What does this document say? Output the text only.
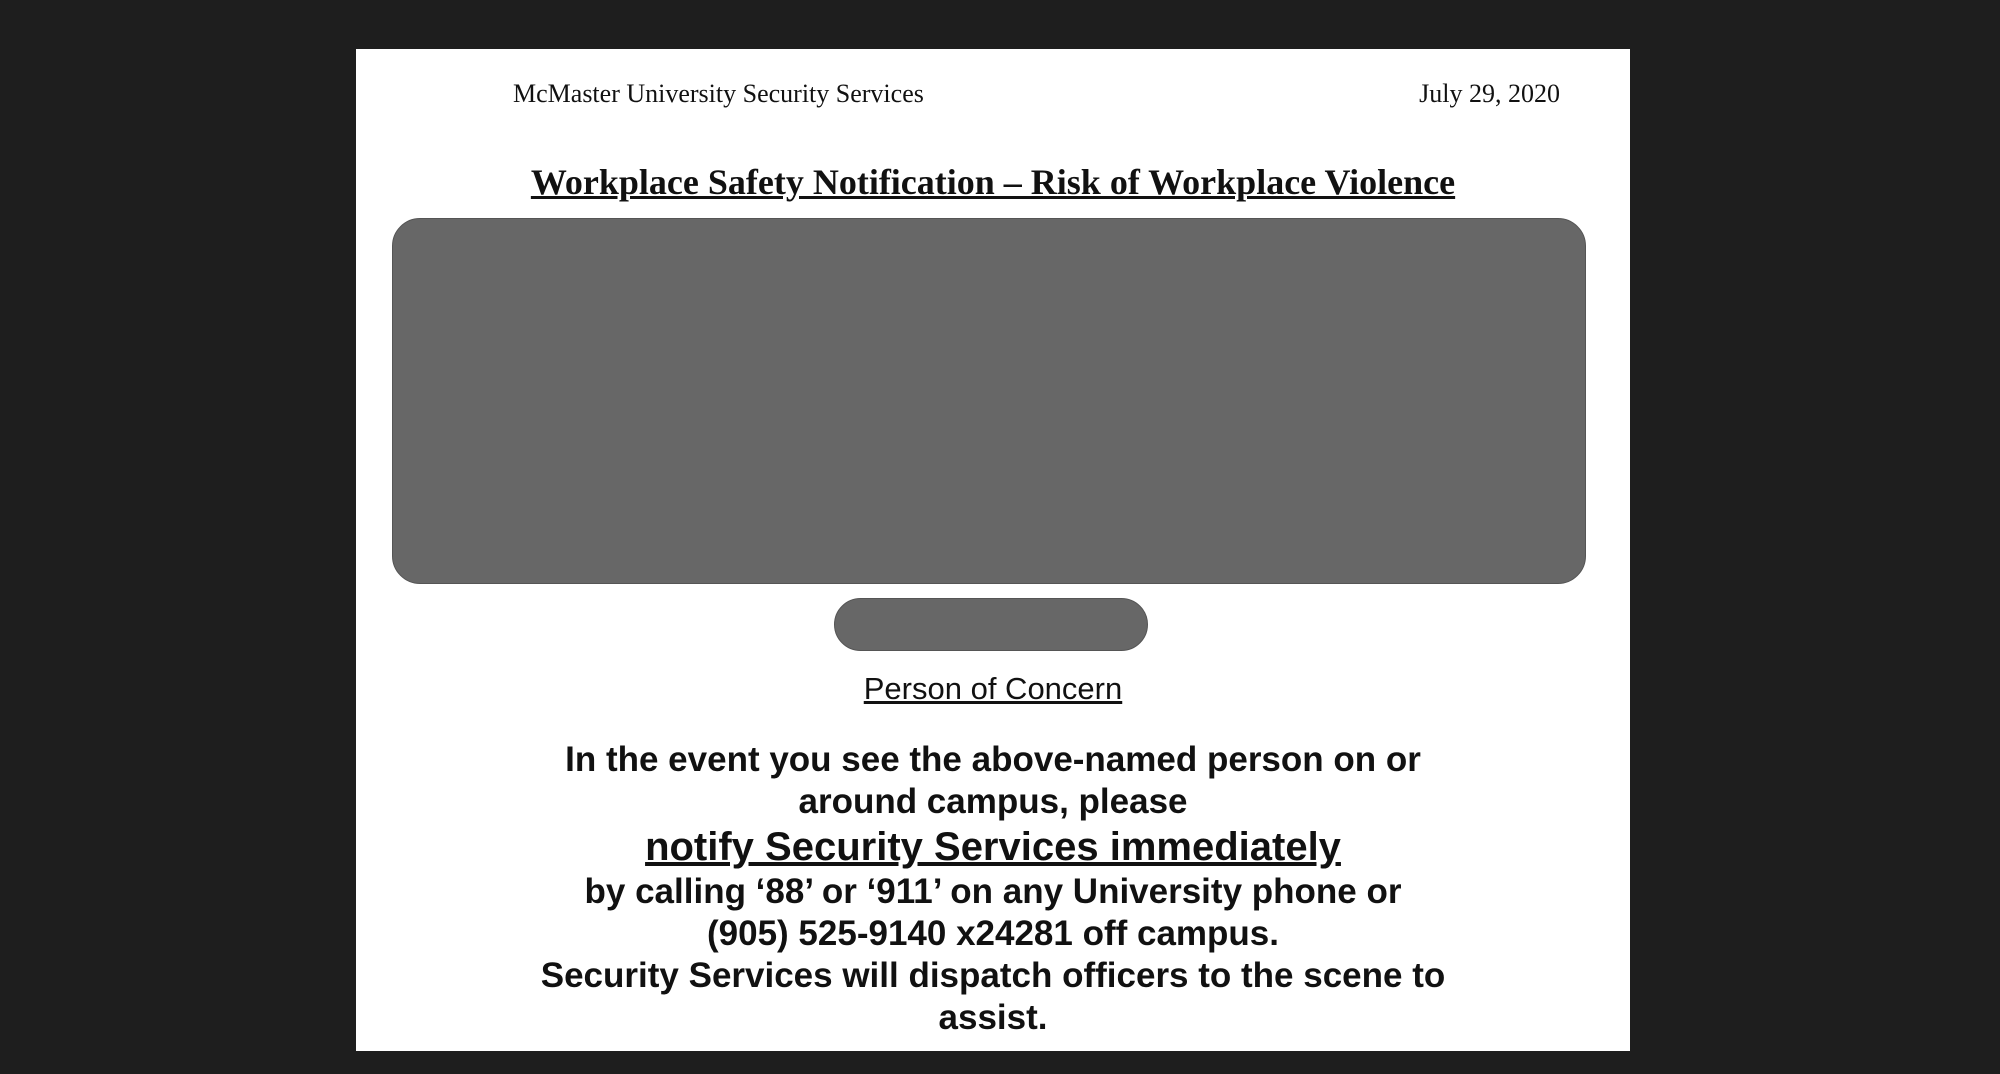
McMaster University Security Services	July 29, 2020
Workplace Safety Notification – Risk of Workplace Violence
Person of Concern
In the event you see the above-named person on or
around campus, please
notify Security Services immediately
by calling ‘88’ or ‘911’ on any University phone or
(905) 525-9140 x24281 off campus.
Security Services will dispatch officers to the scene to
assist.
